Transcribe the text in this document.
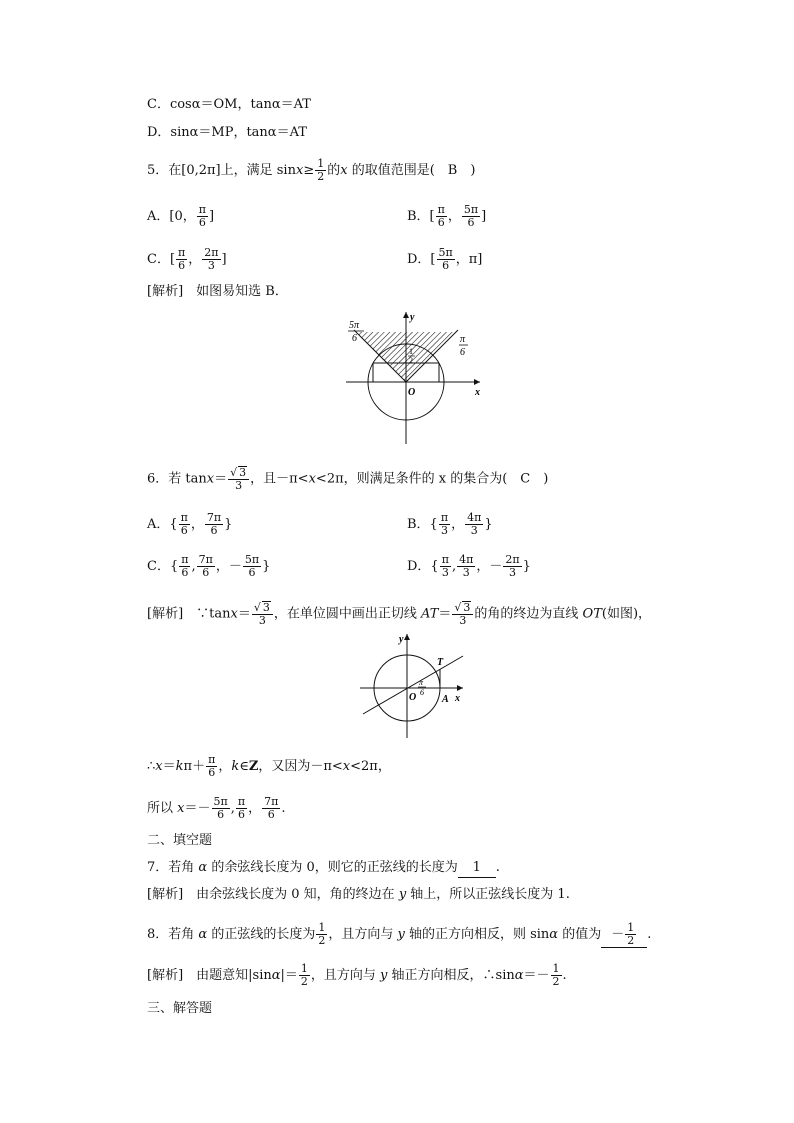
C．cosα＝OM，tanα＝AT
D．sinα＝MP，tanα＝AT
5．在[0,2π]上，满足 $\sin x\ge \frac{1}{2}$ 的x 的取值范围是(　B　)
A．[0， $\frac{\pi}{6}$ ]	B．[ $\frac{\pi}{6}$ ， $\frac{5\pi}{6}$ ]
C．[ $\frac{\pi}{6}$ ， $\frac{2\pi}{3}$ ]	D．[ $\frac{5\pi}{6}$ ，π]
[解析]　如图易知选 B．
5π
6	π
6
1
2
y
x
O
6．若 $\tan x= \frac{√ 3}{3}$ ，且－π<x<2π，则满足条件的 x 的集合为(　C　)
A．{ $\frac{\pi}{6}$ ， $\frac{7\pi}{6}$ }	B．{ $\frac{\pi}{3}$ ， $\frac{4\pi}{3}$ }
C．{ $\frac{\pi}{6}$ , $\frac{7\pi}{6}$ ，－ $\frac{5\pi}{6}$ }	D．{ $\frac{\pi}{3}$ , $\frac{4\pi}{3}$ ，－ $\frac{2\pi}{3}$ }
[解析]　∵tanx＝ $\frac{√ 3}{3}$ ，在单位圆中画出正切线 $AT= \frac{√ 3}{3}$ 的角的终边为直线 OT(如图)，
y
x
O
T
A
π
6
∴x＝kπ＋ $\frac{\pi}{6}$ ，k∈Z，又因为－π<x<2π，
所以 $x=- \frac{5\pi}{6}$ , $\frac{\pi}{6}$ ， $\frac{7\pi}{6}$ .
二、填空题
7．若角 α 的余弦线长度为 0，则它的正弦线的长度为 1 .
[解析]　由余弦线长度为 0 知，角的终边在 y 轴上，所以正弦线长度为 1.
8．若角 α 的正弦线的长度为 $\frac{1}{2}$ ，且方向与 y 轴的正方向相反，则 sinα 的值为 － $\frac{1}{2}$ .
[解析]　由题意知$|\sin\alpha|= \frac{1}{2}$ ，且方向与 y 轴正方向相反，∴sinα＝－ $\frac{1}{2}$ .
三、解答题
